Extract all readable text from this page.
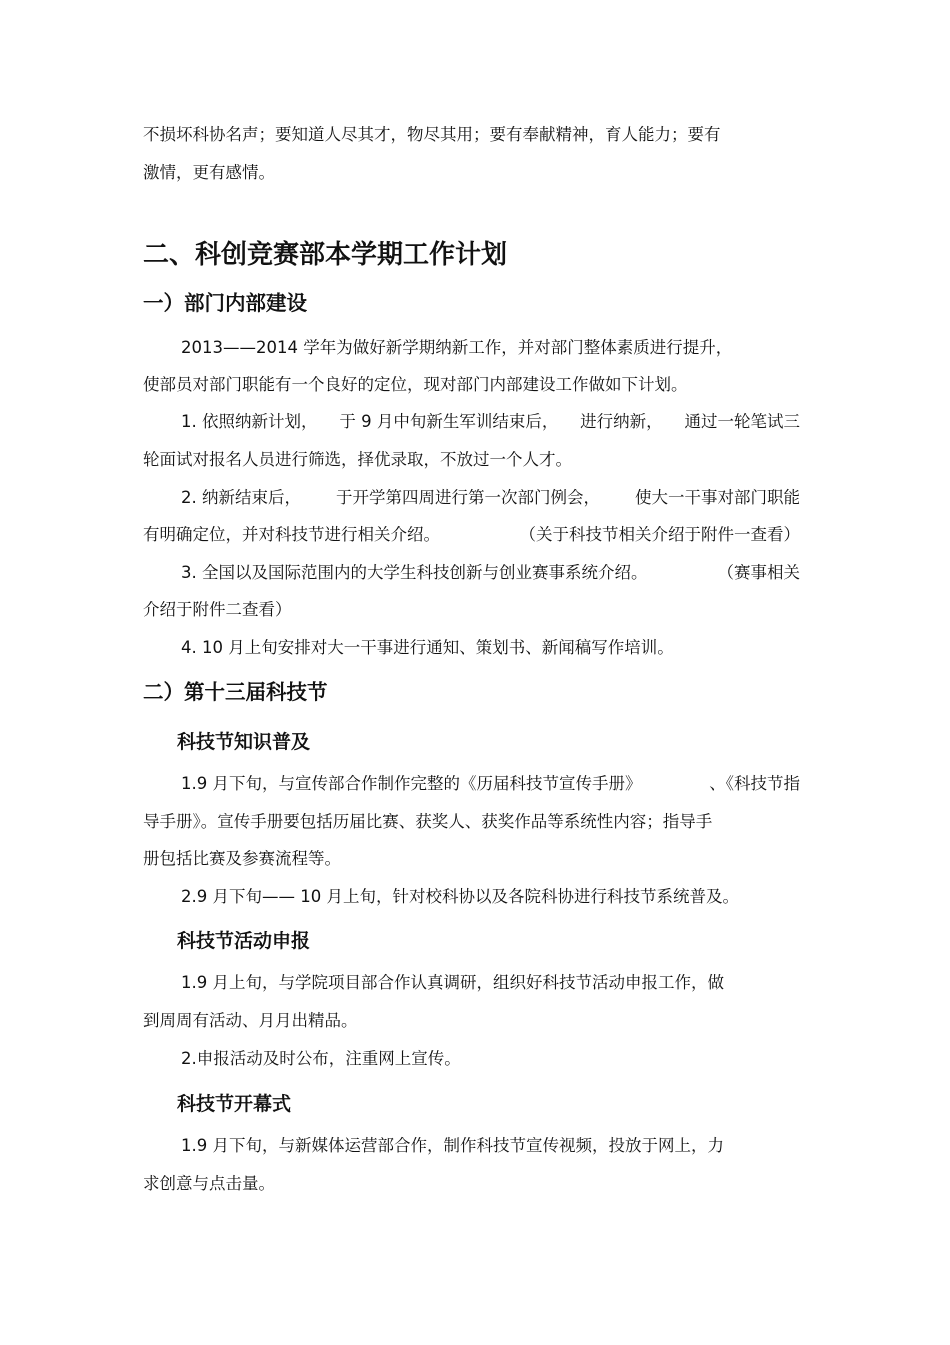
不损坏科协名声；要知道人尽其才，物尽其用；要有奉献精神，育人能力；要有

激情，更有感情。

二、科创竞赛部本学期工作计划
一）部门内部建设

2013——2014 学年为做好新学期纳新工作，并对部门整体素质进行提升，

使部员对部门职能有一个良好的定位，现对部门内部建设工作做如下计划。

1. 依照纳新计划， 于 9 月中旬新生军训结束后， 进行纳新， 通过一轮笔试三

轮面试对报名人员进行筛选，择优录取，不放过一个人才。

2. 纳新结束后， 于开学第四周进行第一次部门例会， 使大一干事对部门职能
有明确定位，并对科技节进行相关介绍。	（关于科技节相关介绍于附件一查看）
3. 全国以及国际范围内的大学生科技创新与创业赛事系统介绍。	（赛事相关

介绍于附件二查看）

4. 10 月上旬安排对大一干事进行通知、策划书、新闻稿写作培训。

二）第十三届科技节
科技节知识普及
1.9 月下旬，与宣传部合作制作完整的《历届科技节宣传手册》	、《科技节指

导手册》。宣传手册要包括历届比赛、获奖人、获奖作品等系统性内容；指导手

册包括比赛及参赛流程等。

2.9 月下旬—— 10 月上旬，针对校科协以及各院科协进行科技节系统普及。

科技节活动申报

1.9 月上旬，与学院项目部合作认真调研，组织好科技节活动申报工作，做

到周周有活动、月月出精品。

2.申报活动及时公布，注重网上宣传。

科技节开幕式

1.9 月下旬，与新媒体运营部合作，制作科技节宣传视频，投放于网上，力

求创意与点击量。
